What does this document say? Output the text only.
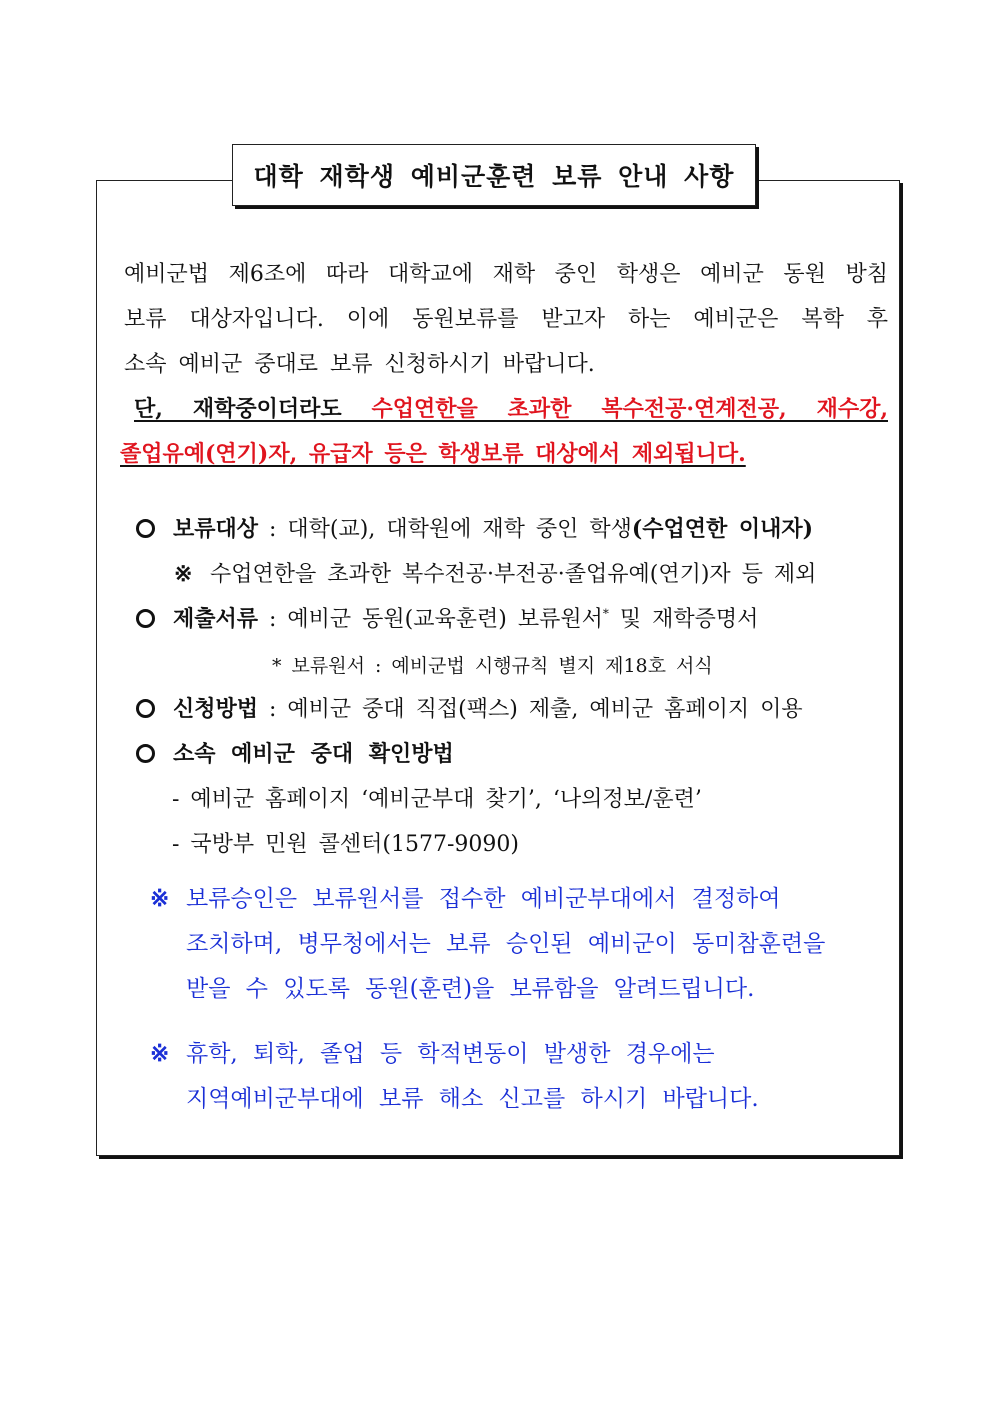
대학 재학생 예비군훈련 보류 안내 사항
예비군법 제6조에 따라 대학교에 재학 중인 학생은 예비군 동원 방침
보류 대상자입니다. 이에 동원보류를 받고자 하는 예비군은 복학 후
소속 예비군 중대로 보류 신청하시기 바랍니다.
단, 재학중이더라도 수업연한을 초과한 복수전공·연계전공, 재수강,
졸업유예(연기)자, 유급자 등은 학생보류 대상에서 제외됩니다.
보류대상 : 대학(교), 대학원에 재학 중인 학생(수업연한 이내자)
※ 수업연한을 초과한 복수전공·부전공·졸업유예(연기)자 등 제외
제출서류 : 예비군 동원(교육훈련) 보류원서* 및 재학증명서
* 보류원서 : 예비군법 시행규칙 별지 제18호 서식
신청방법 : 예비군 중대 직접(팩스) 제출, 예비군 홈페이지 이용
소속 예비군 중대 확인방법
- 예비군 홈페이지 ‘예비군부대 찾기’, ‘나의정보/훈련’
- 국방부 민원 콜센터(1577-9090)
※ 보류승인은 보류원서를 접수한 예비군부대에서 결정하여
조치하며, 병무청에서는 보류 승인된 예비군이 동미참훈련을
받을 수 있도록 동원(훈련)을 보류함을 알려드립니다.
※ 휴학, 퇴학, 졸업 등 학적변동이 발생한 경우에는
지역예비군부대에 보류 해소 신고를 하시기 바랍니다.
